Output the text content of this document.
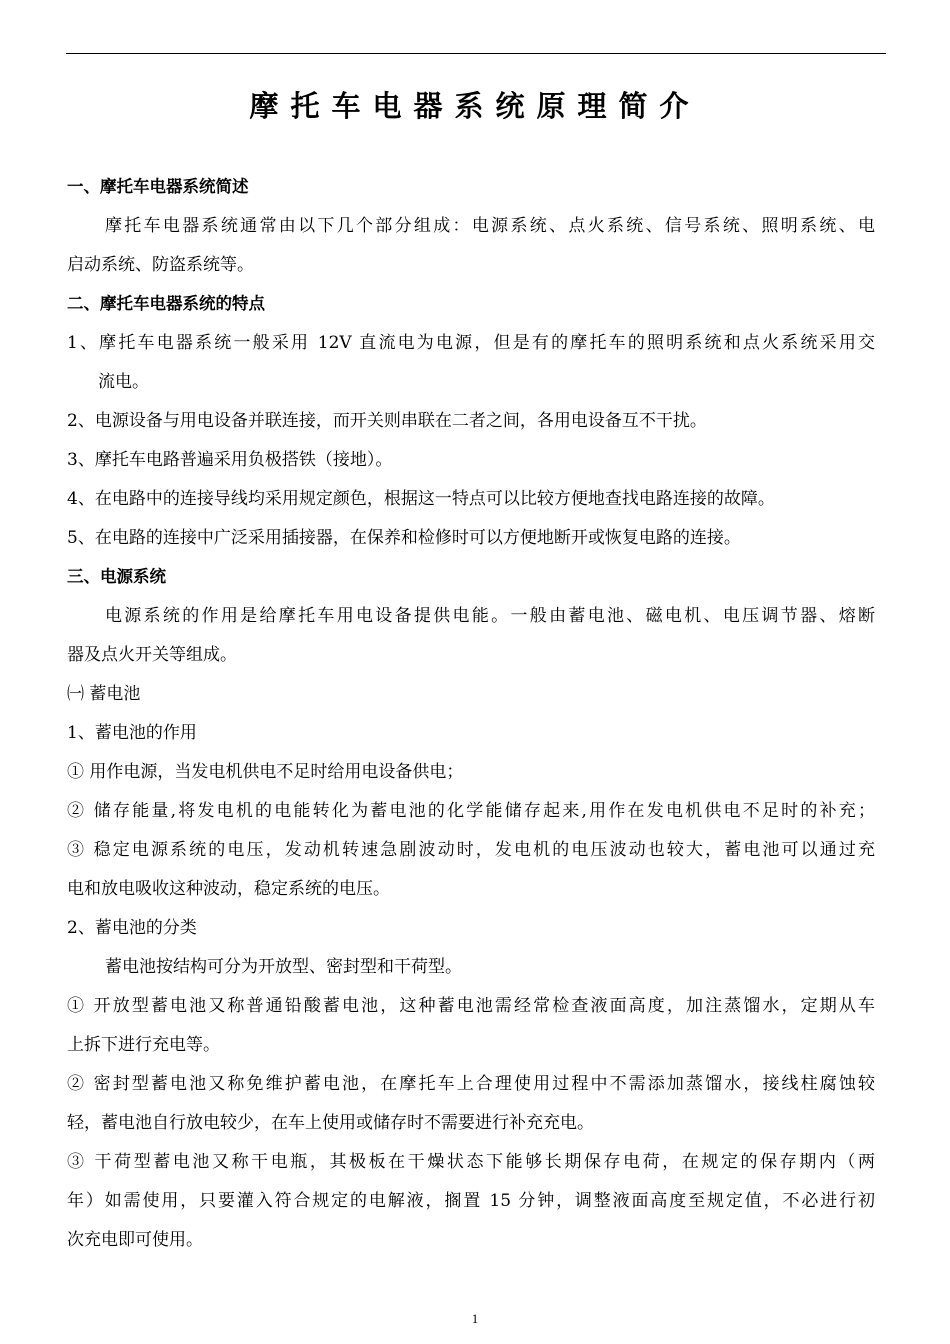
摩托车电器系统原理简介
一、摩托车电器系统简述
摩托车电器系统通常由以下几个部分组成：电源系统、点火系统、信号系统、照明系统、电
启动系统、防盗系统等。
二、摩托车电器系统的特点
1、摩托车电器系统一般采用 12V 直流电为电源，但是有的摩托车的照明系统和点火系统采用交
流电。
2、电源设备与用电设备并联连接，而开关则串联在二者之间，各用电设备互不干扰。
3、摩托车电路普遍采用负极搭铁（接地）。
4、在电路中的连接导线均采用规定颜色，根据这一特点可以比较方便地查找电路连接的故障。
5、在电路的连接中广泛采用插接器，在保养和检修时可以方便地断开或恢复电路的连接。
三、电源系统
电源系统的作用是给摩托车用电设备提供电能。一般由蓄电池、磁电机、电压调节器、熔断
器及点火开关等组成。
㈠ 蓄电池
1、蓄电池的作用
① 用作电源，当发电机供电不足时给用电设备供电；
② 储存能量,将发电机的电能转化为蓄电池的化学能储存起来,用作在发电机供电不足时的补充；
③ 稳定电源系统的电压，发动机转速急剧波动时，发电机的电压波动也较大，蓄电池可以通过充
电和放电吸收这种波动，稳定系统的电压。
2、蓄电池的分类
蓄电池按结构可分为开放型、密封型和干荷型。
① 开放型蓄电池又称普通铅酸蓄电池，这种蓄电池需经常检查液面高度，加注蒸馏水，定期从车
上拆下进行充电等。
② 密封型蓄电池又称免维护蓄电池，在摩托车上合理使用过程中不需添加蒸馏水，接线柱腐蚀较
轻，蓄电池自行放电较少，在车上使用或储存时不需要进行补充充电。
③ 干荷型蓄电池又称干电瓶，其极板在干燥状态下能够长期保存电荷，在规定的保存期内（两
年）如需使用，只要灌入符合规定的电解液，搁置 15 分钟，调整液面高度至规定值，不必进行初
次充电即可使用。
1
